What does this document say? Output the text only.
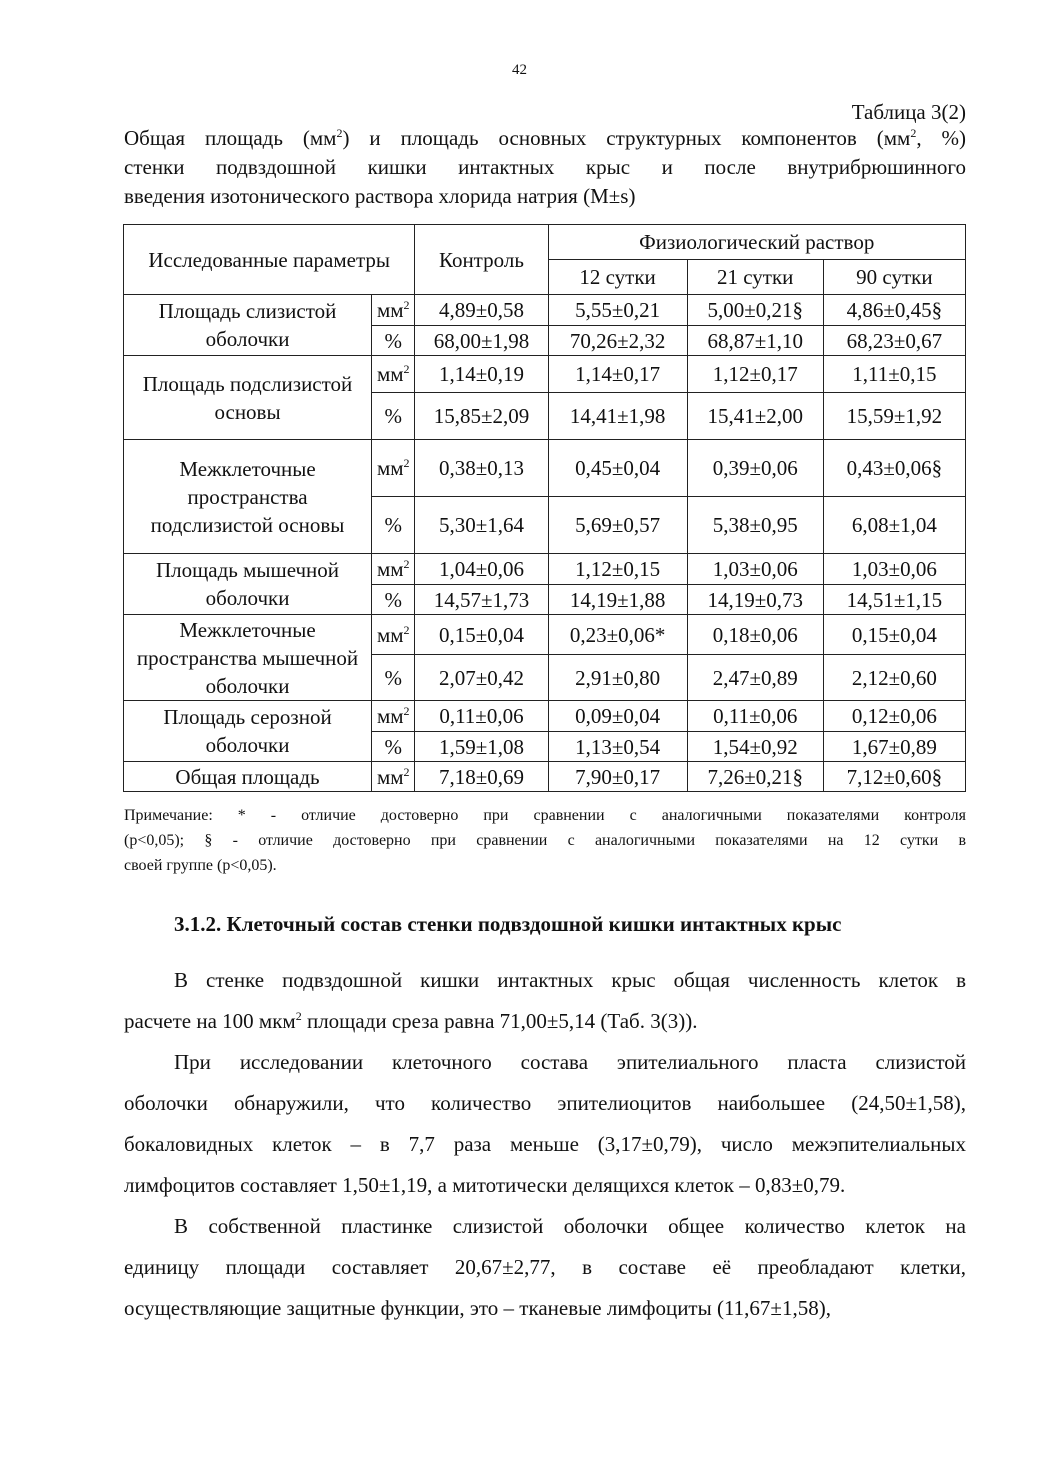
42
Таблица 3(2)
Общая площадь $(мм^2)$ и площадь основных структурных компонентов ($мм^2$, %)
стенки подвздошной кишки интактных крыс и после внутрибрюшинного
введения изотонического раствора хлорида натрия (M±s)
Исследованные параметры		Контроль	Физиологический раствор		
			12 сутки	21 сутки	90 сутки
Площадь слизистой оболочки	$мм^2$	4,89±0,58	5,55±0,21	5,00±0,21§	4,86±0,45§
	%	68,00±1,98	70,26±2,32	68,87±1,10	68,23±0,67
Площадь подслизистой основы	$мм^2$	1,14±0,19	1,14±0,17	1,12±0,17	1,11±0,15
	%	15,85±2,09	14,41±1,98	15,41±2,00	15,59±1,92
Межклеточные пространства подслизистой основы	$мм^2$	0,38±0,13	0,45±0,04	0,39±0,06	0,43±0,06§
	%	5,30±1,64	5,69±0,57	5,38±0,95	6,08±1,04
Площадь мышечной оболочки	$мм^2$	1,04±0,06	1,12±0,15	1,03±0,06	1,03±0,06
	%	14,57±1,73	14,19±1,88	14,19±0,73	14,51±1,15
Межклеточные пространства мышечной оболочки	$мм^2$	0,15±0,04	0,23±0,06*	0,18±0,06	0,15±0,04
	%	2,07±0,42	2,91±0,80	2,47±0,89	2,12±0,60
Площадь серозной оболочки	$мм^2$	0,11±0,06	0,09±0,04	0,11±0,06	0,12±0,06
	%	1,59±1,08	1,13±0,54	1,54±0,92	1,67±0,89
Общая площадь	$мм^2$	7,18±0,69	7,90±0,17	7,26±0,21§	7,12±0,60§
Примечание: * - отличие достоверно при сравнении с аналогичными показателями контроля
(р<0,05); § - отличие достоверно при сравнении с аналогичными показателями на 12 сутки в
своей группе (р<0,05).
3.1.2. Клеточный состав стенки подвздошной кишки интактных крыс
В стенке подвздошной кишки интактных крыс общая численность клеток в
расчете на 100 мкм$^2$ площади среза равна 71,00±5,14 (Таб. 3(3)).
При исследовании клеточного состава эпителиального пласта слизистой
оболочки обнаружили, что количество эпителиоцитов наибольшее (24,50±1,58),
бокаловидных клеток – в 7,7 раза меньше (3,17±0,79), число межэпителиальных
лимфоцитов составляет 1,50±1,19, а митотически делящихся клеток – 0,83±0,79.
В собственной пластинке слизистой оболочки общее количество клеток на
единицу площади составляет 20,67±2,77, в составе её преобладают клетки,
осуществляющие защитные функции, это – тканевые лимфоциты (11,67±1,58),
